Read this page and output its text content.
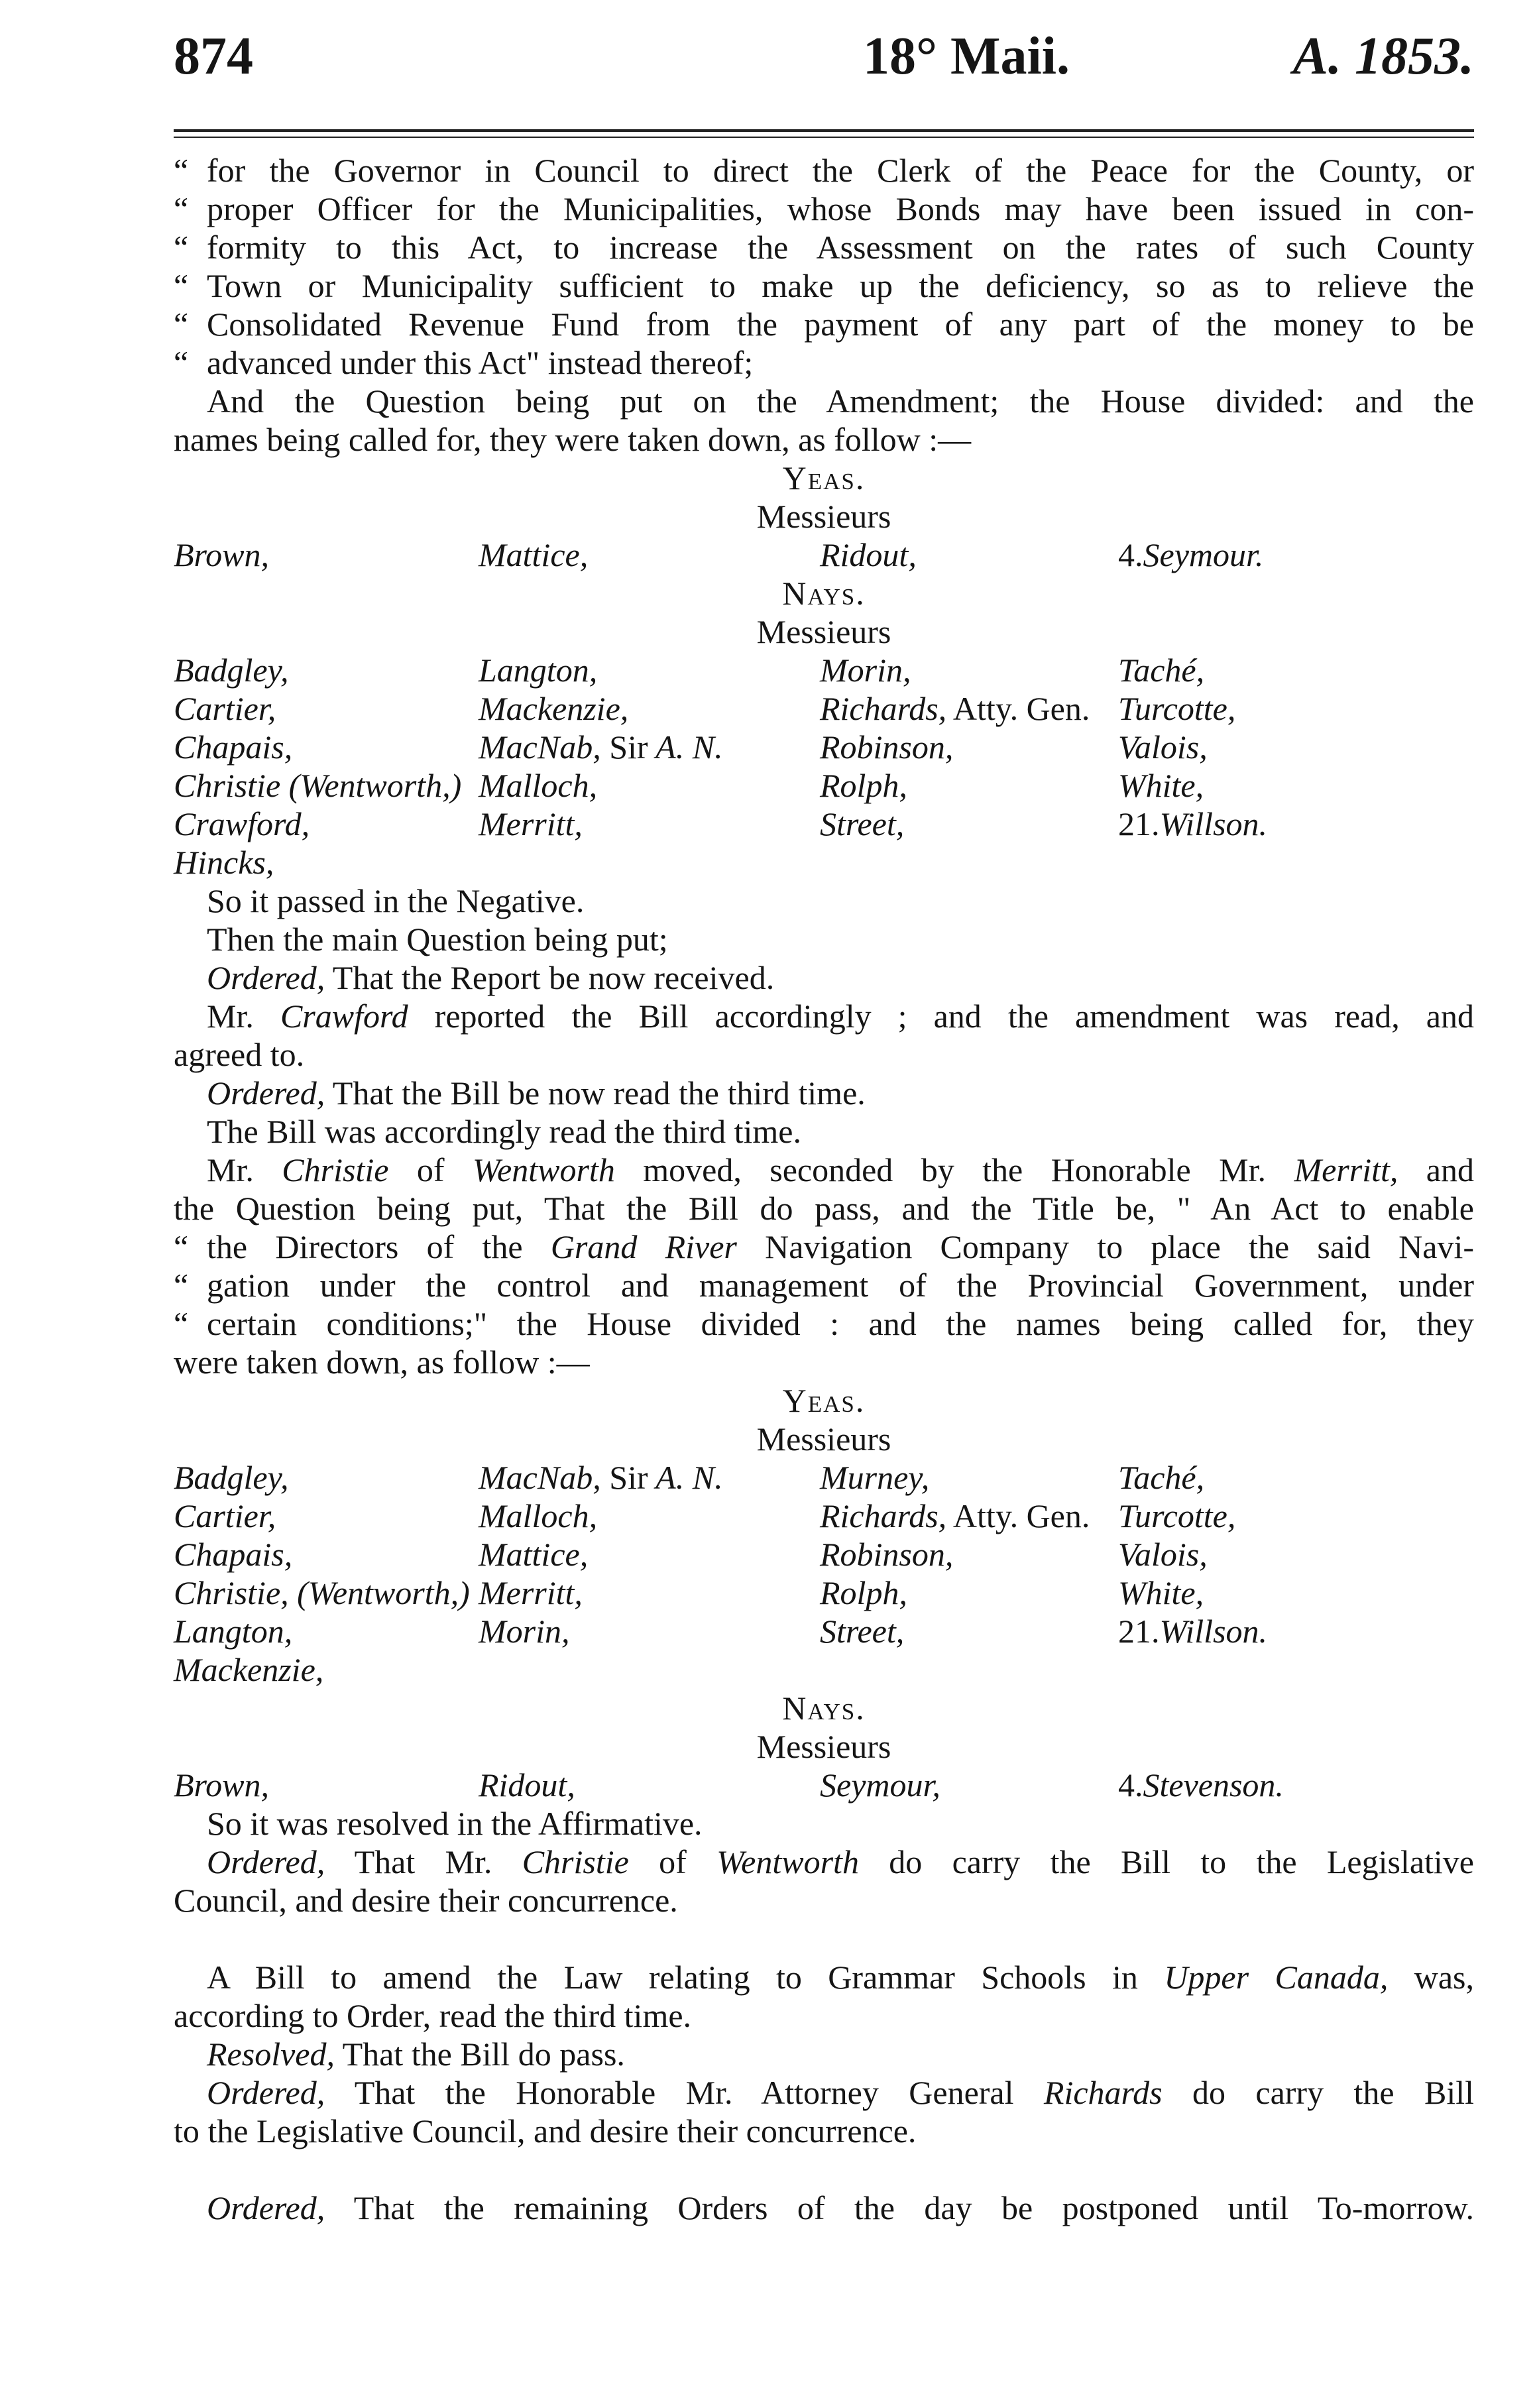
874	18° Maii.	A. 1853.
“ for the Governor in Council to direct the Clerk of the Peace for the County, or
“ proper Officer for the Municipalities, whose Bonds may have been issued in con-
“ formity to this Act, to increase the Assessment on the rates of such County
“ Town or Municipality sufficient to make up the deficiency, so as to relieve the
“ Consolidated Revenue Fund from the payment of any part of the money to be
“ advanced under this Act" instead thereof;
And the Question being put on the Amendment; the House divided: and the
names being called for, they were taken down, as follow :—
Yeas.
Messieurs
Brown,	Mattice,	Ridout,	4.Seymour.
Nays.
Messieurs
Badgley,	Langton,	Morin,	Taché,
Cartier,	Mackenzie,	Richards, Atty. Gen. Turcotte,
Chapais,	MacNab, Sir A. N.	Robinson,	Valois,
Christie (Wentworth,) Malloch,	Rolph,	White,
Crawford,	Merritt,	Street,	21.Willson.
Hincks,
So it passed in the Negative.
Then the main Question being put;
Ordered, That the Report be now received.
Mr. Crawford reported the Bill accordingly ; and the amendment was read, and
agreed to.
Ordered, That the Bill be now read the third time.
The Bill was accordingly read the third time.
Mr. Christie of Wentworth moved, seconded by the Honorable Mr. Merritt, and
the Question being put, That the Bill do pass, and the Title be, " An Act to enable
“ the Directors of the Grand River Navigation Company to place the said Navi-
“ gation under the control and management of the Provincial Government, under
“ certain conditions;" the House divided : and the names being called for, they
were taken down, as follow :—
Yeas.
Messieurs
Badgley,	MacNab, Sir A. N.	Murney,	Taché,
Cartier,	Malloch,	Richards, Atty. Gen. Turcotte,
Chapais,	Mattice,	Robinson,	Valois,
Christie, (Wentworth,) Merritt,	Rolph,	White,
Langton,	Morin,	Street,	21.Willson.
Mackenzie,
Nays.
Messieurs
Brown,	Ridout,	Seymour,	4.Stevenson.
So it was resolved in the Affirmative.
Ordered, That Mr. Christie of Wentworth do carry the Bill to the Legislative
Council, and desire their concurrence.
A Bill to amend the Law relating to Grammar Schools in Upper Canada, was,
according to Order, read the third time.
Resolved, That the Bill do pass.
Ordered, That the Honorable Mr. Attorney General Richards do carry the Bill
to the Legislative Council, and desire their concurrence.
Ordered, That the remaining Orders of the day be postponed until To-morrow.
